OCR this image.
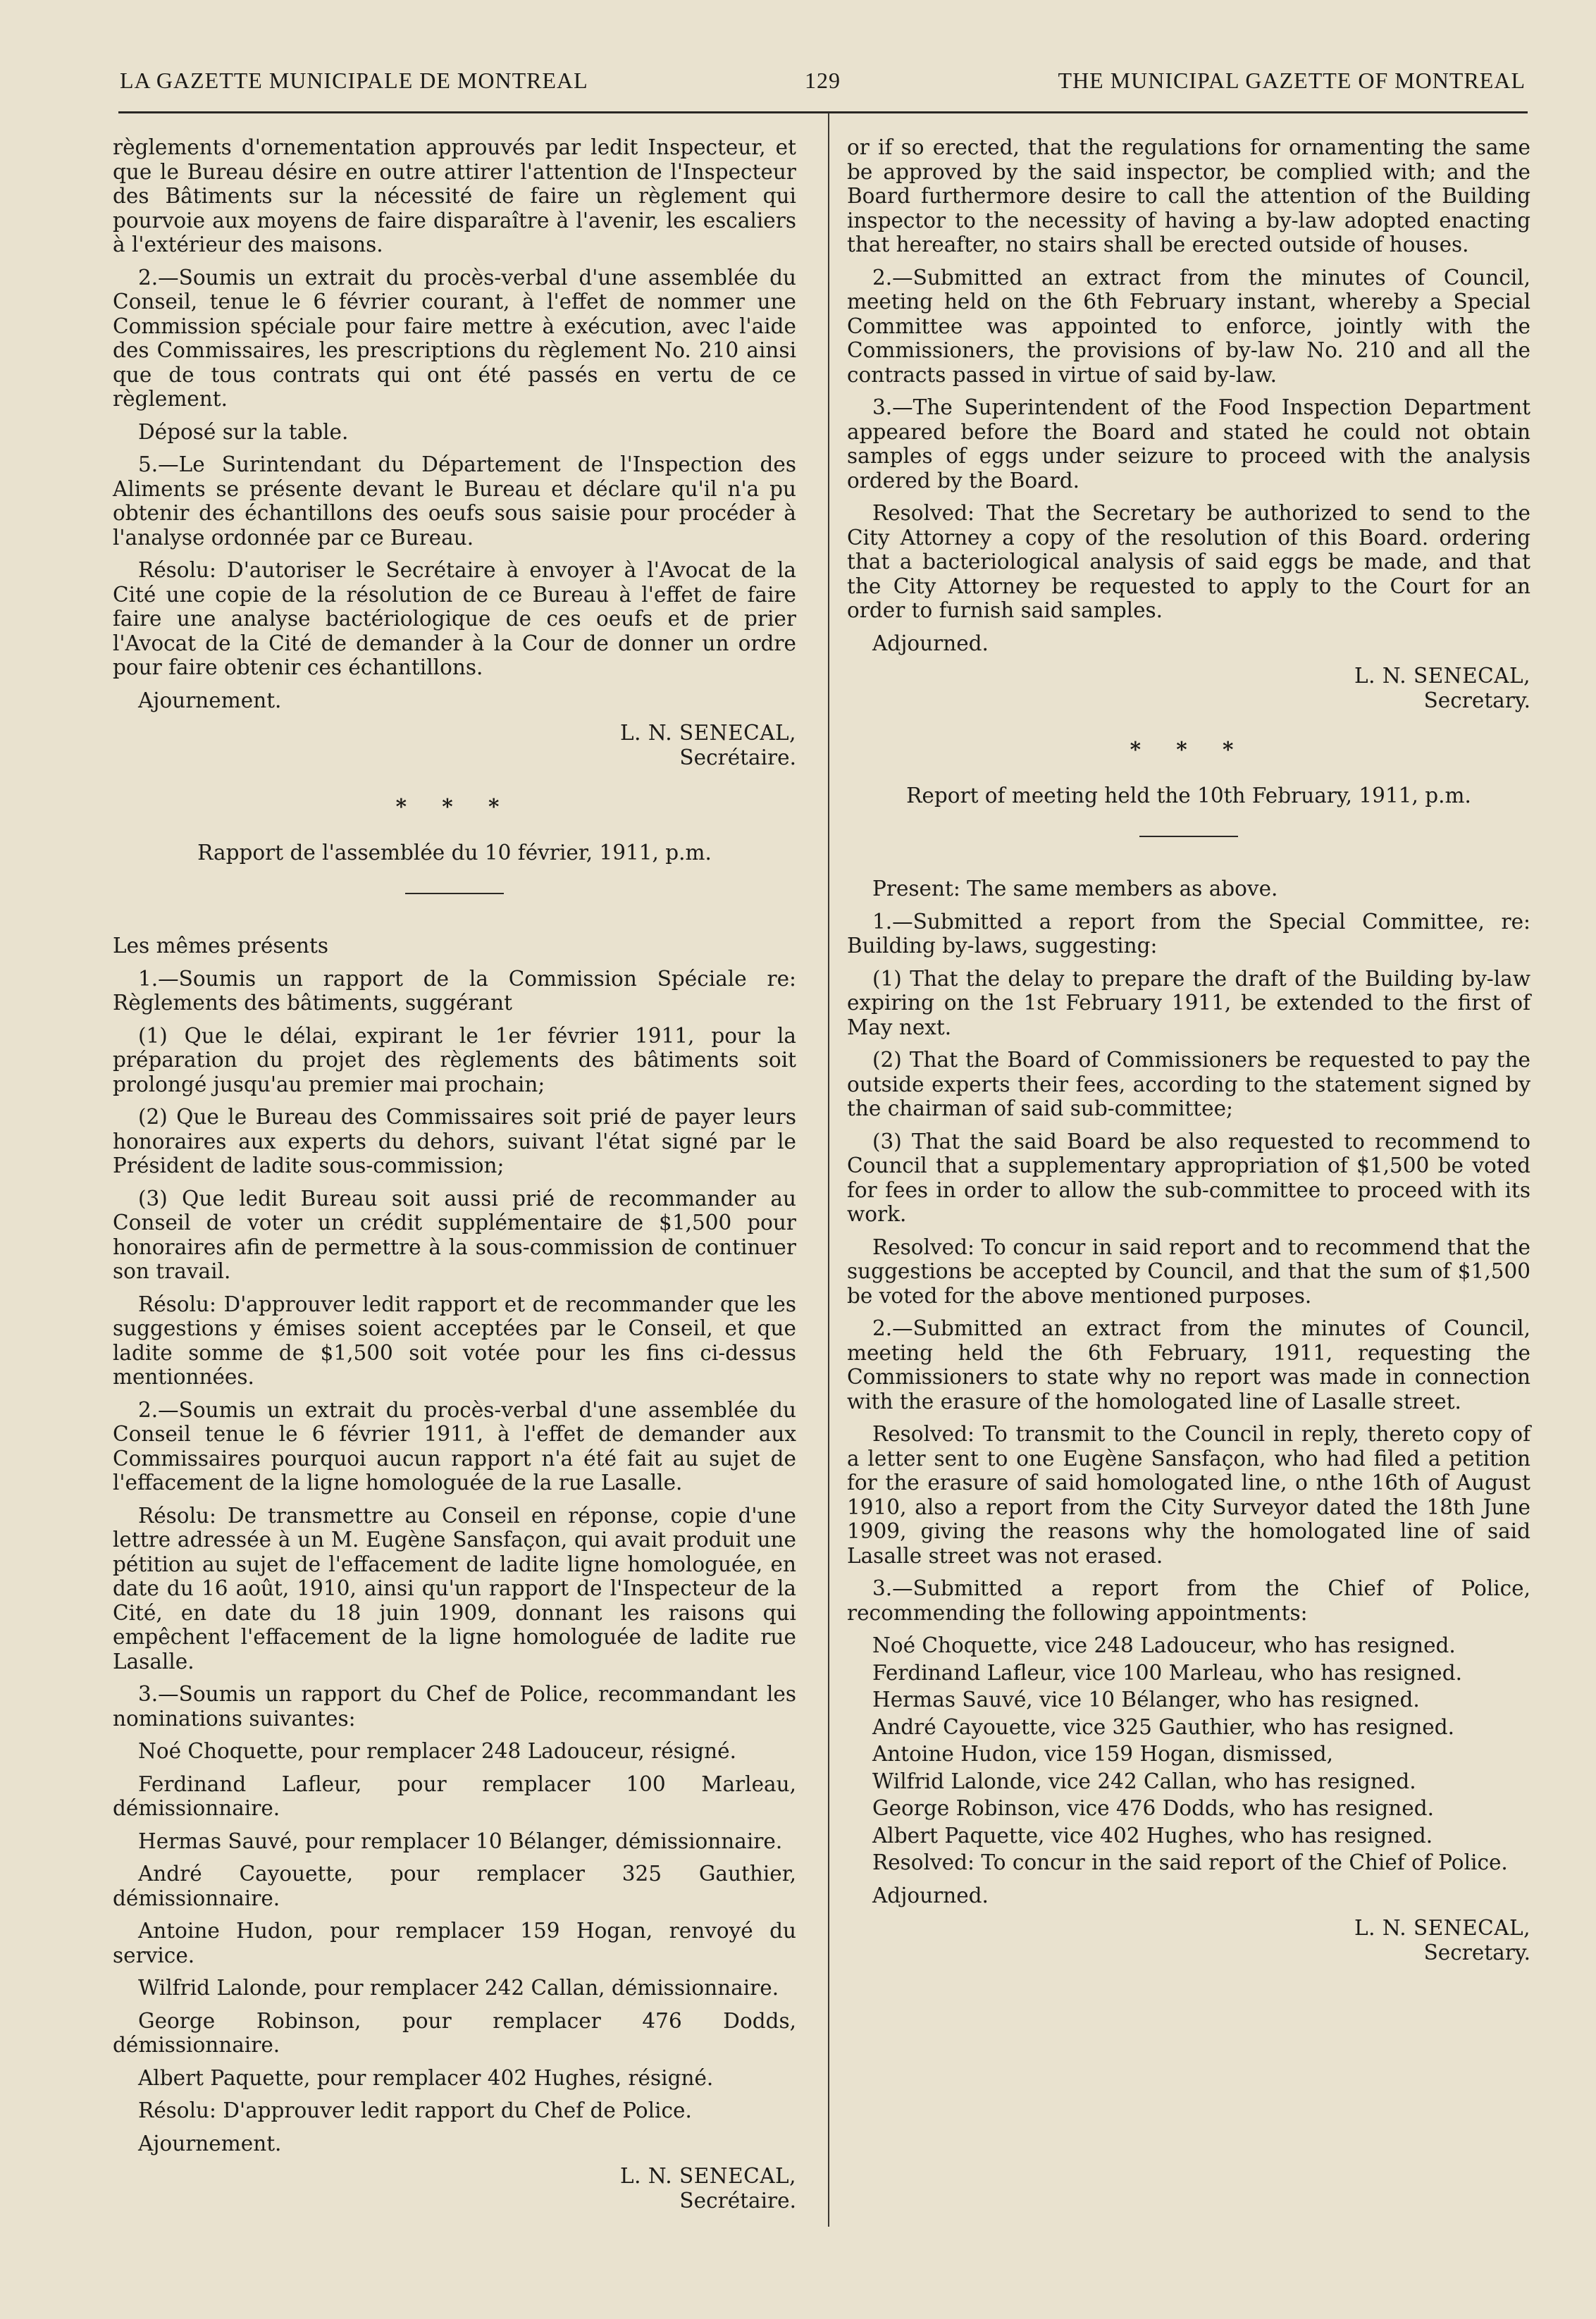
LA GAZETTE MUNICIPALE DE MONTREAL	129	THE MUNICIPAL GAZETTE OF MONTREAL

règlements d'ornementation approuvés par ledit Inspecteur, et que le Bureau désire en outre attirer l'attention de l'Inspecteur des Bâtiments sur la nécessité de faire un règlement qui pourvoie aux moyens de faire disparaître à l'avenir, les escaliers à l'extérieur des maisons.

2.—Soumis un extrait du procès-verbal d'une assemblée du Conseil, tenue le 6 février courant, à l'effet de nommer une Commission spéciale pour faire mettre à exécution, avec l'aide des Commissaires, les prescriptions du règlement No. 210 ainsi que de tous contrats qui ont été passés en vertu de ce règlement.

Déposé sur la table.

5.—Le Surintendant du Département de l'Inspection des Aliments se présente devant le Bureau et déclare qu'il n'a pu obtenir des échantillons des oeufs sous saisie pour procéder à l'analyse ordonnée par ce Bureau.

Résolu: D'autoriser le Secrétaire à envoyer à l'Avocat de la Cité une copie de la résolution de ce Bureau à l'effet de faire faire une analyse bactériologique de ces oeufs et de prier l'Avocat de la Cité de demander à la Cour de donner un ordre pour faire obtenir ces échantillons.

Ajournement.

L. N. SENECAL,
Secrétaire.
* * *
Rapport de l'assemblée du 10 février, 1911, p.m.

Les mêmes présents

1.—Soumis un rapport de la Commission Spéciale re: Règlements des bâtiments, suggérant

(1) Que le délai, expirant le 1er février 1911, pour la préparation du projet des règlements des bâtiments soit prolongé jusqu'au premier mai prochain;

(2) Que le Bureau des Commissaires soit prié de payer leurs honoraires aux experts du dehors, suivant l'état signé par le Président de ladite sous-commission;

(3) Que ledit Bureau soit aussi prié de recommander au Conseil de voter un crédit supplémentaire de $1,500 pour honoraires afin de permettre à la sous-commission de continuer son travail.

Résolu: D'approuver ledit rapport et de recommander que les suggestions y émises soient acceptées par le Conseil, et que ladite somme de $1,500 soit votée pour les fins ci-dessus mentionnées.

2.—Soumis un extrait du procès-verbal d'une assemblée du Conseil tenue le 6 février 1911, à l'effet de demander aux Commissaires pourquoi aucun rapport n'a été fait au sujet de l'effacement de la ligne homologuée de la rue Lasalle.

Résolu: De transmettre au Conseil en réponse, copie d'une lettre adressée à un M. Eugène Sansfaçon, qui avait produit une pétition au sujet de l'effacement de ladite ligne homologuée, en date du 16 août, 1910, ainsi qu'un rapport de l'Inspecteur de la Cité, en date du 18 juin 1909, donnant les raisons qui empêchent l'effacement de la ligne homologuée de ladite rue Lasalle.

3.—Soumis un rapport du Chef de Police, recommandant les nominations suivantes:

Noé Choquette, pour remplacer 248 Ladouceur, résigné.

Ferdinand Lafleur, pour remplacer 100 Marleau, démissionnaire.

Hermas Sauvé, pour remplacer 10 Bélanger, démissionnaire.

André Cayouette, pour remplacer 325 Gauthier, démissionnaire.

Antoine Hudon, pour remplacer 159 Hogan, renvoyé du service.

Wilfrid Lalonde, pour remplacer 242 Callan, démissionnaire.

George Robinson, pour remplacer 476 Dodds, démissionnaire.

Albert Paquette, pour remplacer 402 Hughes, résigné.

Résolu: D'approuver ledit rapport du Chef de Police.

Ajournement.

L. N. SENECAL,
Secrétaire.

or if so erected, that the regulations for ornamenting the same be approved by the said inspector, be complied with; and the Board furthermore desire to call the attention of the Building inspector to the necessity of having a by-law adopted enacting that hereafter, no stairs shall be erected outside of houses.

2.—Submitted an extract from the minutes of Council, meeting held on the 6th February instant, whereby a Special Committee was appointed to enforce, jointly with the Commissioners, the provisions of by-law No. 210 and all the contracts passed in virtue of said by-law.

3.—The Superintendent of the Food Inspection Department appeared before the Board and stated he could not obtain samples of eggs under seizure to proceed with the analysis ordered by the Board.

Resolved: That the Secretary be authorized to send to the City Attorney a copy of the resolution of this Board. ordering that a bacteriological analysis of said eggs be made, and that the City Attorney be requested to apply to the Court for an order to furnish said samples.

Adjourned.

L. N. SENECAL,
Secretary.
* * *
Report of meeting held the 10th February, 1911, p.m.

Present: The same members as above.

1.—Submitted a report from the Special Committee, re: Building by-laws, suggesting:

(1) That the delay to prepare the draft of the Building by-law expiring on the 1st February 1911, be extended to the first of May next.

(2) That the Board of Commissioners be requested to pay the outside experts their fees, according to the statement signed by the chairman of said sub-committee;

(3) That the said Board be also requested to recommend to Council that a supplementary appropriation of $1,500 be voted for fees in order to allow the sub-committee to proceed with its work.

Resolved: To concur in said report and to recommend that the suggestions be accepted by Council, and that the sum of $1,500 be voted for the above mentioned purposes.

2.—Submitted an extract from the minutes of Council, meeting held the 6th February, 1911, requesting the Commissioners to state why no report was made in connection with the erasure of the homologated line of Lasalle street.

Resolved: To transmit to the Council in reply, thereto copy of a letter sent to one Eugène Sansfaçon, who had filed a petition for the erasure of said homologated line, o nthe 16th of August 1910, also a report from the City Surveyor dated the 18th June 1909, giving the reasons why the homologated line of said Lasalle street was not erased.

3.—Submitted a report from the Chief of Police, recommending the following appointments:

Noé Choquette, vice 248 Ladouceur, who has resigned.

Ferdinand Lafleur, vice 100 Marleau, who has resigned.

Hermas Sauvé, vice 10 Bélanger, who has resigned.

André Cayouette, vice 325 Gauthier, who has resigned.

Antoine Hudon, vice 159 Hogan, dismissed,

Wilfrid Lalonde, vice 242 Callan, who has resigned.

George Robinson, vice 476 Dodds, who has resigned.

Albert Paquette, vice 402 Hughes, who has resigned.

Resolved: To concur in the said report of the Chief of Police.

Adjourned.

L. N. SENECAL,
Secretary.
